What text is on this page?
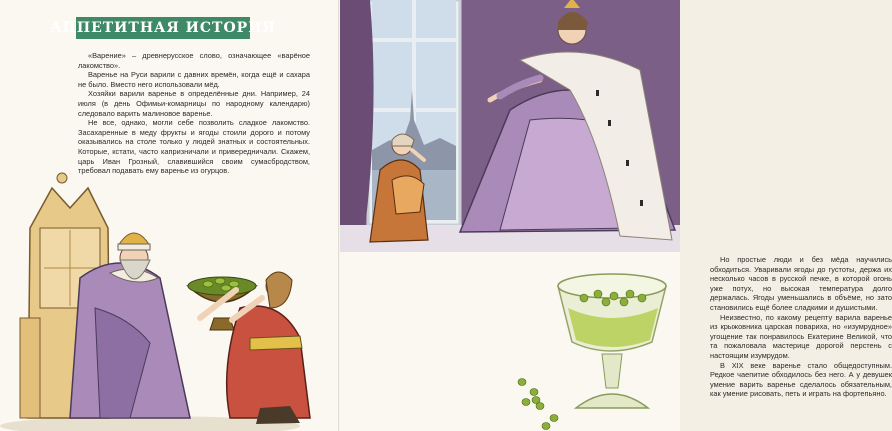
АППЕТИТНАЯ ИСТОРИЯ

«Варение» – древнерусское слово, означающее «варёное лакомство».

Варенье на Руси варили с давних времён, когда ещё и сахара не было. Вместо него использовали мёд.

Хозяйки варили варенье в определённые дни. Например, 24 июля (в день Офимьи-комарницы по народному календарю) следовало варить малиновое варенье.

Не все, однако, могли себе позволить сладкое лакомство. Засахаренные в меду фрукты и ягоды стоили дорого и потому оказывались на столе только у людей знатных и состоятельных. Которые, кстати, часто капризничали и привередничали. Скажем, царь Иван Грозный, славившийся своим сумасбродством, требовал подавать ему варенье из огурцов.

Но простые люди и без мёда научились обходиться. Уваривали ягоды до густоты, держа их несколько часов в русской печке, в которой огонь уже потух, но высокая температура долго держалась. Ягоды уменьшались в объёме, но зато становились ещё более сладкими и душистыми.

Неизвестно, по какому рецепту варила варенье из крыжовника царская повариха, но «изумрудное» угощение так понравилось Екатерине Великой, что та пожаловала мастерице дорогой перстень с настоящим изумрудом.

В XIX веке варенье стало общедоступным. Редкое чаепитие обходилось без него. А у девушек умение варить варенье сделалось обязательным, как умение рисовать, петь и играть на фортепьяно.
